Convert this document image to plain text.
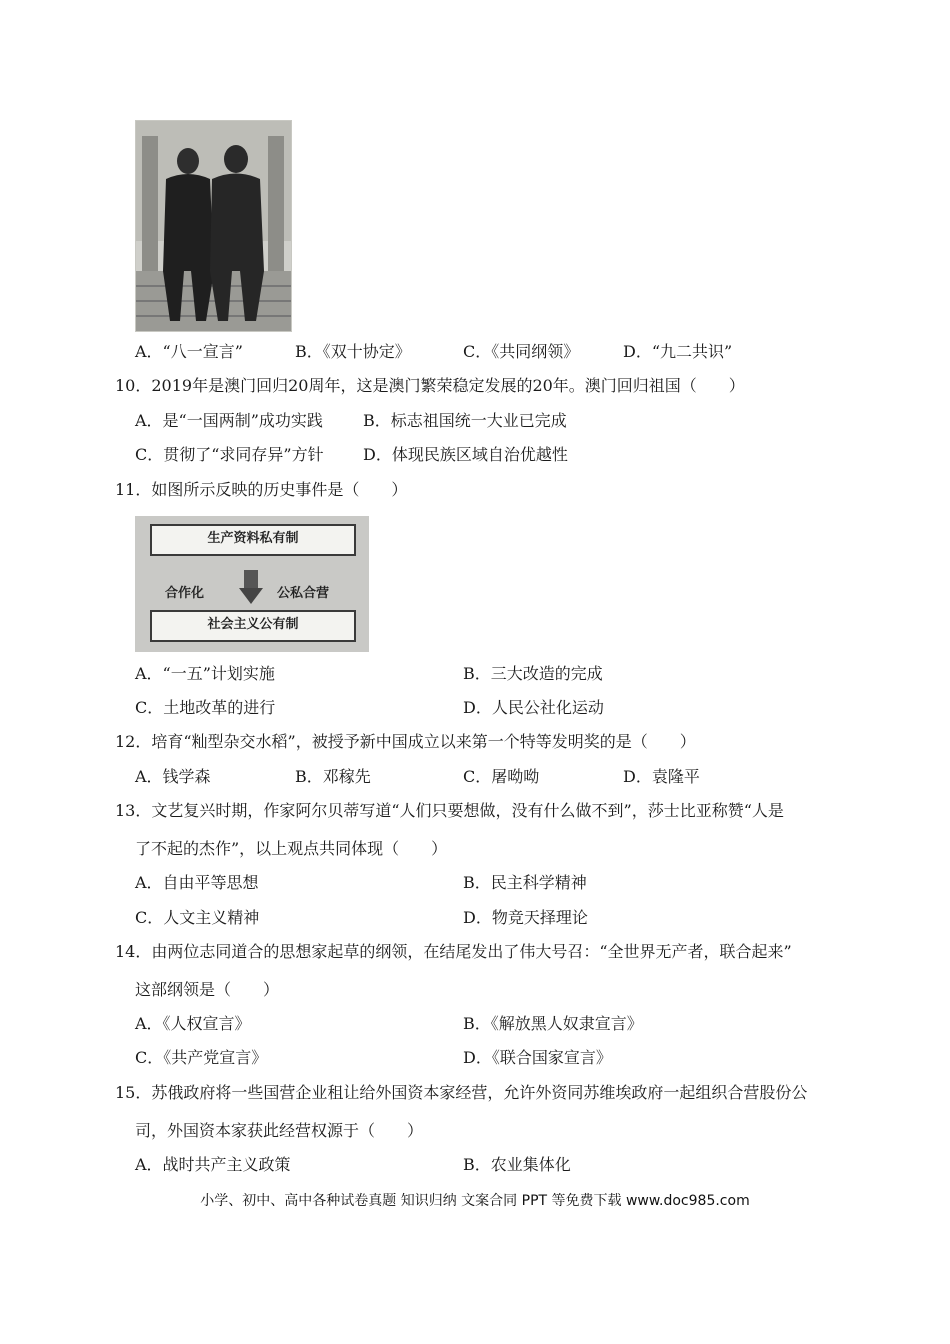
A．“八一宣言”	B．《双十协定》	C．《共同纲领》	D．“九二共识”
10．2019年是澳门回归20周年，这是澳门繁荣稳定发展的20年。澳门回归祖国（　　）
A．是“一国两制”成功实践	B．标志祖国统一大业已完成
C．贯彻了“求同存异”方针 D．体现民族区域自治优越性
11．如图所示反映的历史事件是（　　）
生产资料私有制
合作化	公私合营
社会主义公有制
A．“一五”计划实施	B．三大改造的完成
C．土地改革的进行	D．人民公社化运动
12．培育“籼型杂交水稻”，被授予新中国成立以来第一个特等发明奖的是（　　）
A．钱学森	B．邓稼先	C．屠呦呦	D．袁隆平
13．文艺复兴时期，作家阿尔贝蒂写道“人们只要想做，没有什么做不到”，莎士比亚称赞“人是
了不起的杰作”，以上观点共同体现（　　）
A．自由平等思想	B．民主科学精神
C．人文主义精神	D．物竞天择理论
14．由两位志同道合的思想家起草的纲领，在结尾发出了伟大号召：“全世界无产者，联合起来”
这部纲领是（　　）
A．《人权宣言》	B．《解放黑人奴隶宣言》
C．《共产党宣言》	D．《联合国家宣言》
15．苏俄政府将一些国营企业租让给外国资本家经营，允许外资同苏维埃政府一起组织合营股份公
司，外国资本家获此经营权源于（　　）
A．战时共产主义政策	B．农业集体化
小学、初中、高中各种试卷真题 知识归纳 文案合同 PPT 等免费下载 www.doc985.com
